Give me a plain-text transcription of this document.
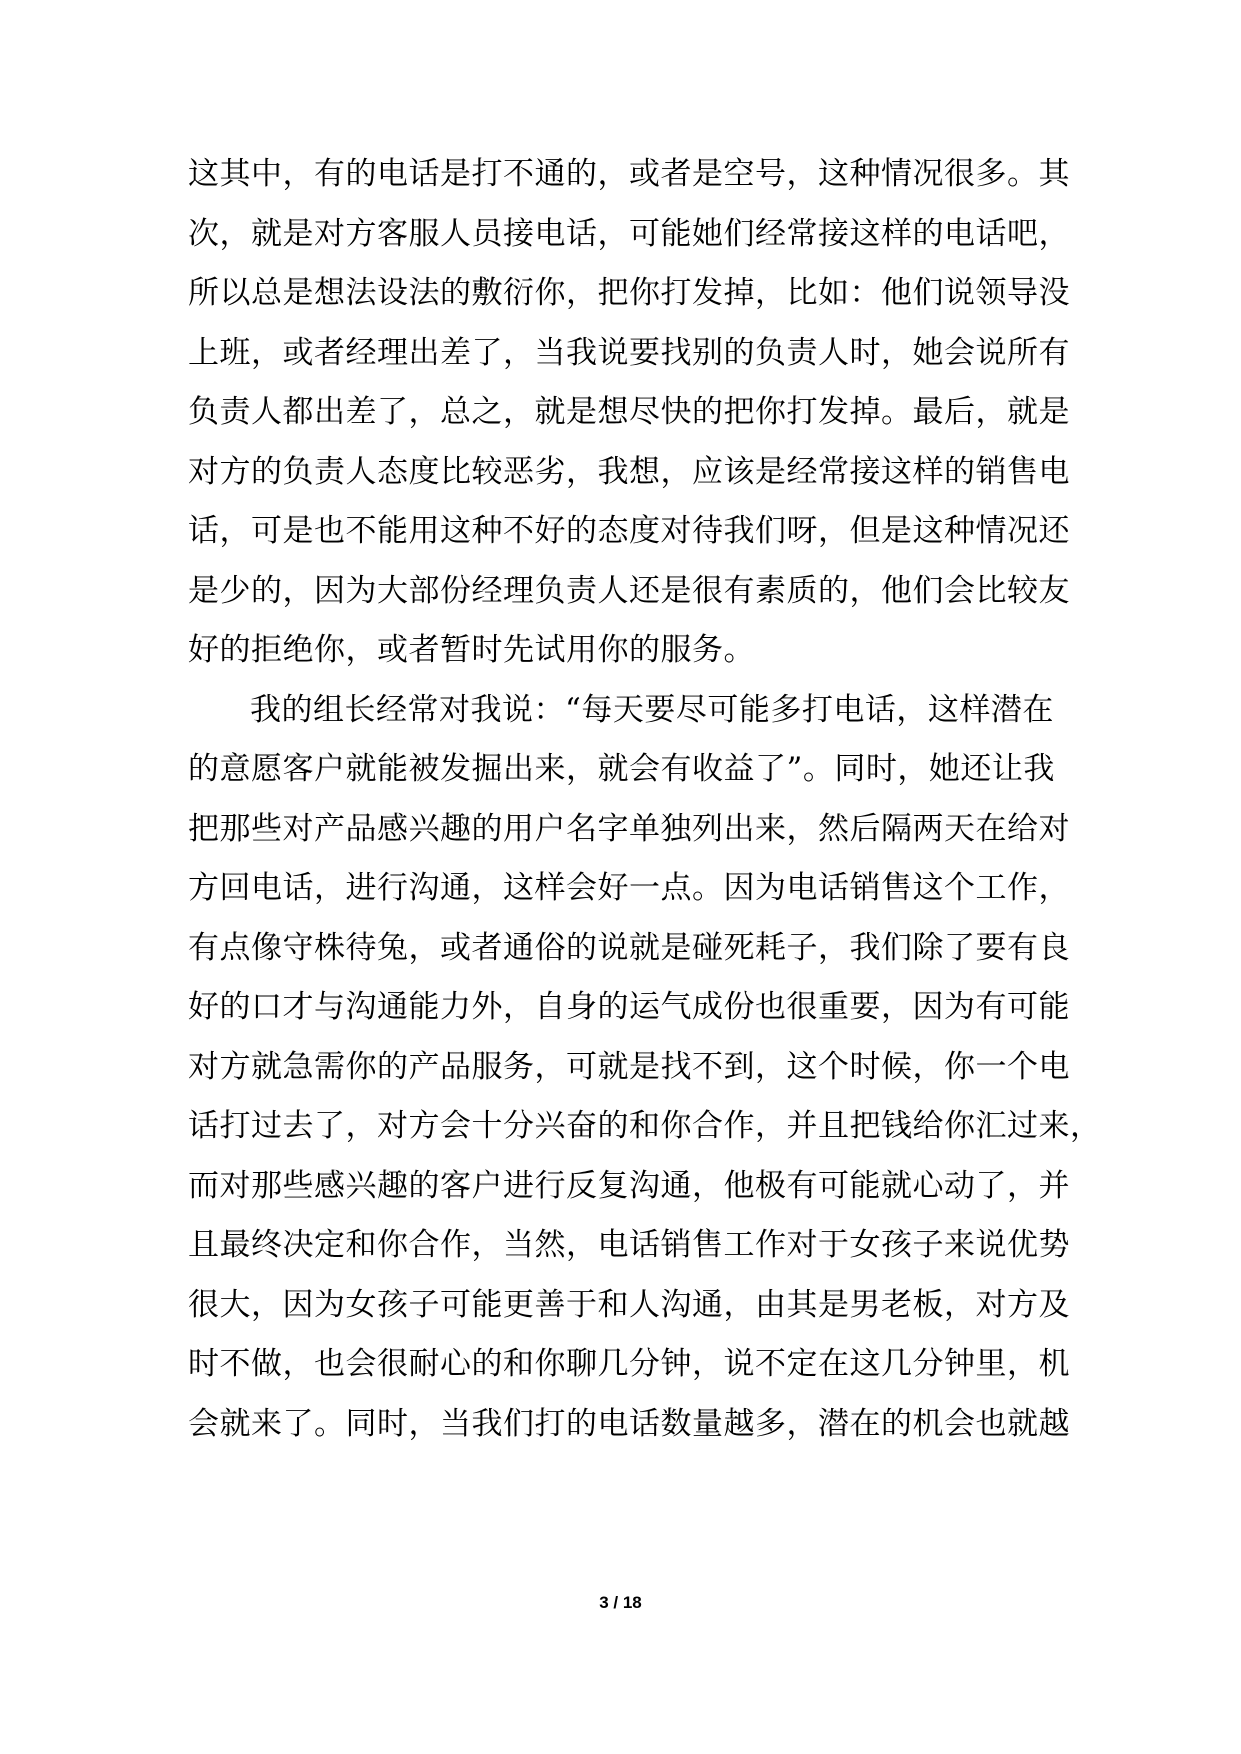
这其中，有的电话是打不通的，或者是空号，这种情况很多。其
次，就是对方客服人员接电话，可能她们经常接这样的电话吧，
所以总是想法设法的敷衍你，把你打发掉，比如：他们说领导没
上班，或者经理出差了，当我说要找别的负责人时，她会说所有
负责人都出差了，总之，就是想尽快的把你打发掉。最后，就是
对方的负责人态度比较恶劣，我想，应该是经常接这样的销售电
话，可是也不能用这种不好的态度对待我们呀，但是这种情况还
是少的，因为大部份经理负责人还是很有素质的，他们会比较友
好的拒绝你，或者暂时先试用你的服务。
我的组长经常对我说：“每天要尽可能多打电话，这样潜在
的意愿客户就能被发掘出来，就会有收益了”。同时，她还让我
把那些对产品感兴趣的用户名字单独列出来，然后隔两天在给对
方回电话，进行沟通，这样会好一点。因为电话销售这个工作，
有点像守株待兔，或者通俗的说就是碰死耗子，我们除了要有良
好的口才与沟通能力外，自身的运气成份也很重要，因为有可能
对方就急需你的产品服务，可就是找不到，这个时候，你一个电
话打过去了，对方会十分兴奋的和你合作，并且把钱给你汇过来，
而对那些感兴趣的客户进行反复沟通，他极有可能就心动了，并
且最终决定和你合作，当然，电话销售工作对于女孩子来说优势
很大，因为女孩子可能更善于和人沟通，由其是男老板，对方及
时不做，也会很耐心的和你聊几分钟，说不定在这几分钟里，机
会就来了。同时，当我们打的电话数量越多，潜在的机会也就越
3 / 18
